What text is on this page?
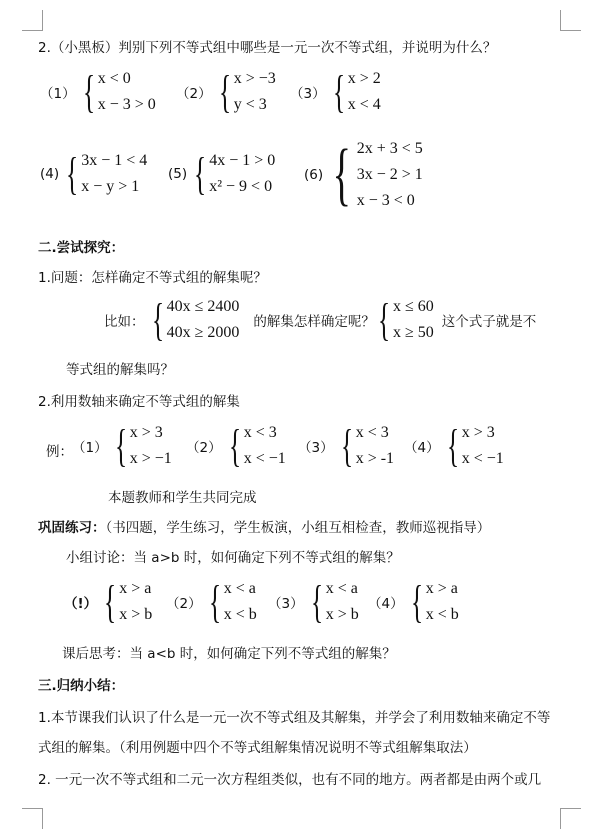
2.（小黑板）判别下列不等式组中哪些是一元一次不等式组，并说明为什么？
（1） { x < 0
x − 3 > 0
（2） { x > −3
y < 3
（3） { x > 2
x < 4
(4) { 3x − 1 < 4
x − y > 1
(5) { 4x − 1 > 0
x² − 9 < 0
(6) { 2x + 3 < 5
3x − 2 > 1
x − 3 < 0
二.尝试探究：
1.问题：怎样确定不等式组的解集呢？
比如： { 40x ≤ 2400
40x ≥ 2000
的解集怎样确定呢？ { x ≤ 60
x ≥ 50
这个式子就是不
等式组的解集吗？
2.利用数轴来确定不等式组的解集
例： （1） { x > 3
x > −1
（2） { x < 3
x < −1
（3） { x < 3
x > -1
（4） { x > 3
x < −1
本题教师和学生共同完成
巩固练习：（书四题，学生练习，学生板演，小组互相检查，教师巡视指导）
小组讨论：当 a>b 时，如何确定下列不等式组的解集？
（!） { x > a
x > b
（2） { x < a
x < b
（3） { x < a
x > b
（4） { x > a
x < b
课后思考：当 a<b 时，如何确定下列不等式组的解集？
三.归纳小结：
1.本节课我们认识了什么是一元一次不等式组及其解集，并学会了利用数轴来确定不等
式组的解集。（利用例题中四个不等式组解集情况说明不等式组解集取法）
2. 一元一次不等式组和二元一次方程组类似，也有不同的地方。两者都是由两个或几
